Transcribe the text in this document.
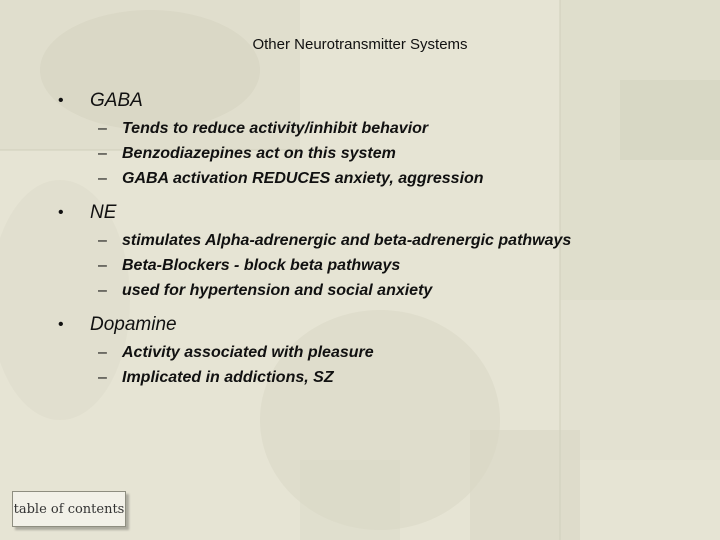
Other Neurotransmitter Systems
• GABA
– Tends to reduce activity/inhibit behavior
– Benzodiazepines act on this system
– GABA activation REDUCES anxiety, aggression
• NE
– stimulates Alpha-adrenergic and beta-adrenergic pathways
– Beta-Blockers - block beta pathways
– used for hypertension and social anxiety
• Dopamine
– Activity associated with pleasure
– Implicated in addictions, SZ
table of contents
